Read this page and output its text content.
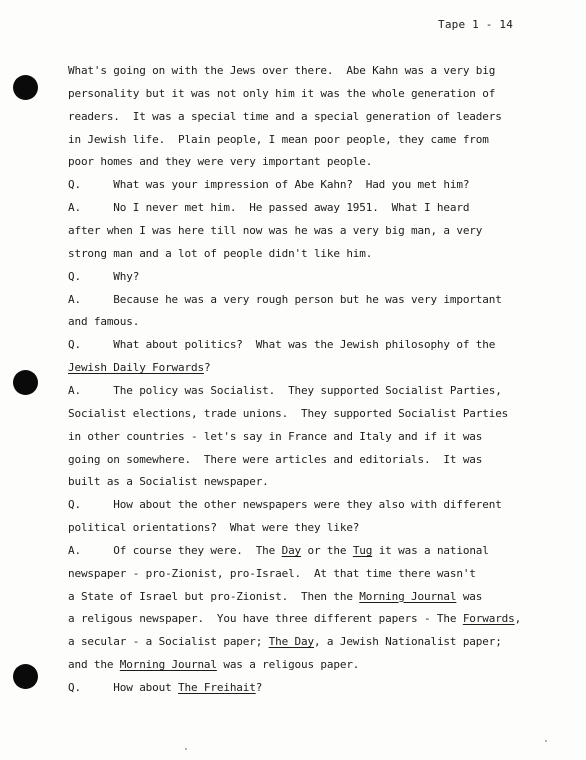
Tape 1 - 14
What's going on with the Jews over there.  Abe Kahn was a very big
personality but it was not only him it was the whole generation of
readers.  It was a special time and a special generation of leaders
in Jewish life.  Plain people, I mean poor people, they came from
poor homes and they were very important people.
Q.     What was your impression of Abe Kahn?  Had you met him?
A.     No I never met him.  He passed away 1951.  What I heard
after when I was here till now was he was a very big man, a very
strong man and a lot of people didn't like him.
Q.     Why?
A.     Because he was a very rough person but he was very important
and famous.
Q.     What about politics?  What was the Jewish philosophy of the
Jewish Daily Forwards?
A.     The policy was Socialist.  They supported Socialist Parties,
Socialist elections, trade unions.  They supported Socialist Parties
in other countries - let's say in France and Italy and if it was
going on somewhere.  There were articles and editorials.  It was
built as a Socialist newspaper.
Q.     How about the other newspapers were they also with different
political orientations?  What were they like?
A.     Of course they were.  The Day or the Tug it was a national
newspaper - pro-Zionist, pro-Israel.  At that time there wasn't
a State of Israel but pro-Zionist.  Then the Morning Journal was
a religous newspaper.  You have three different papers - The Forwards,
a secular - a Socialist paper; The Day, a Jewish Nationalist paper;
and the Morning Journal was a religous paper.
Q.     How about The Freihait?
